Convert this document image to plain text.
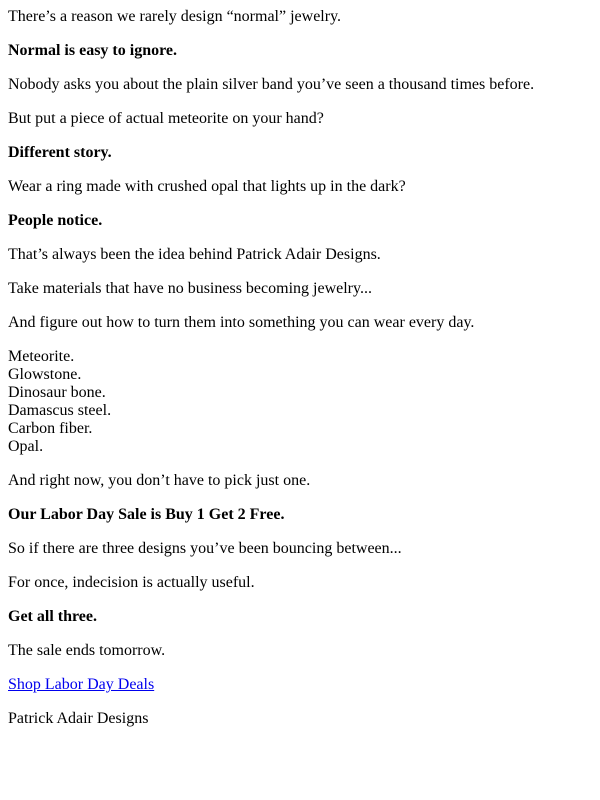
There’s a reason we rarely design “normal” jewelry.

Normal is easy to ignore.

Nobody asks you about the plain silver band you’ve seen a thousand times before.

But put a piece of actual meteorite on your hand?

Different story.

Wear a ring made with crushed opal that lights up in the dark?

People notice.

That’s always been the idea behind Patrick Adair Designs.

Take materials that have no business becoming jewelry...

And figure out how to turn them into something you can wear every day.

Meteorite.
Glowstone.
Dinosaur bone.
Damascus steel.
Carbon fiber.
Opal.

And right now, you don’t have to pick just one.

Our Labor Day Sale is Buy 1 Get 2 Free.

So if there are three designs you’ve been bouncing between...

For once, indecision is actually useful.

Get all three.

The sale ends tomorrow.

Shop Labor Day Deals

Patrick Adair Designs
